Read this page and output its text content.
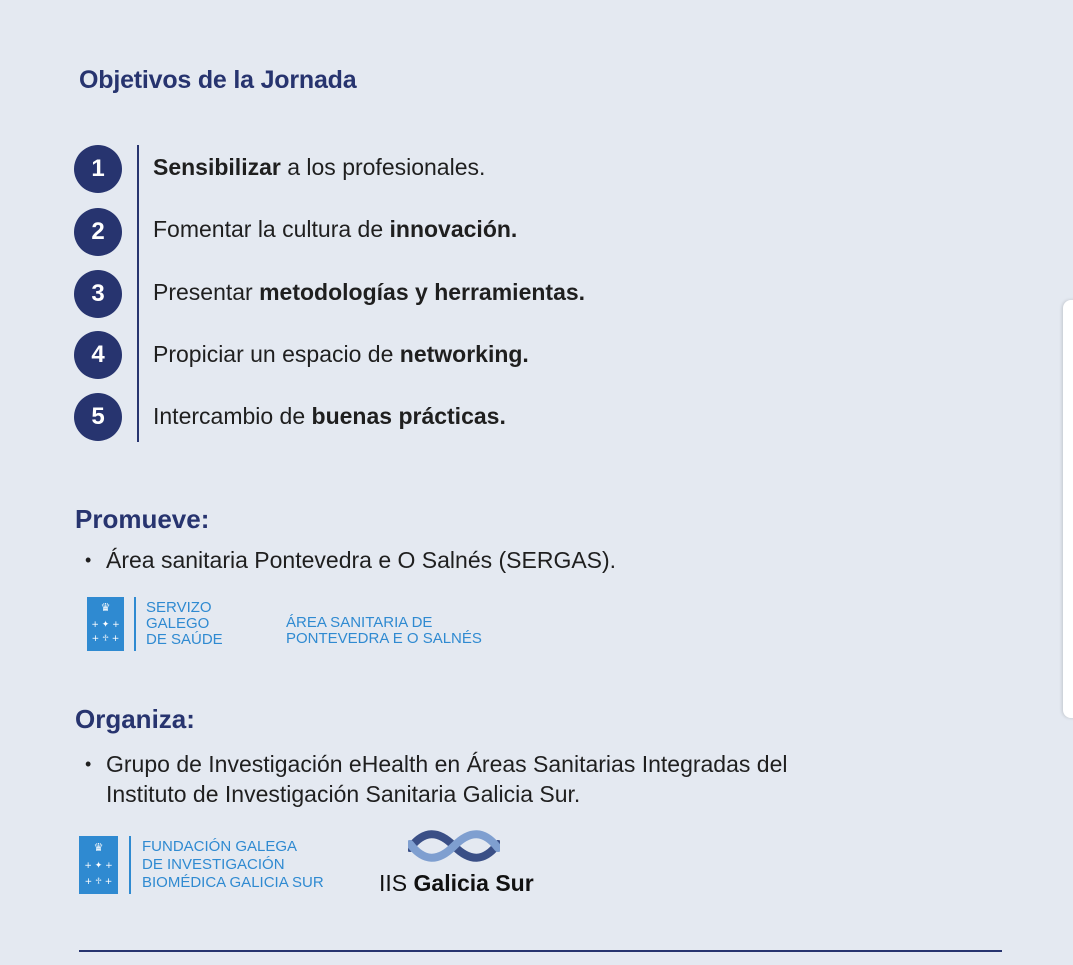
Objetivos de la Jornada
1	Sensibilizar a los profesionales.
2	Fomentar la cultura de innovación.
3	Presentar metodologías y herramientas.
4	Propiciar un espacio de networking.
5	Intercambio de buenas prácticas.
Promueve:
• Área sanitaria Pontevedra e O Salnés (SERGAS).
♛
+ ✦ +
+ ♱ +
SERVIZO
GALEGO
DE SAÚDE
ÁREA SANITARIA DE
PONTEVEDRA E O SALNÉS
Organiza:
• Grupo de Investigación eHealth en Áreas Sanitarias Integradas del
Instituto de Investigación Sanitaria Galicia Sur.
♛
+ ✦ +
+ ♱ +
FUNDACIÓN GALEGA
DE INVESTIGACIÓN
BIOMÉDICA GALICIA SUR IIS Galicia Sur
